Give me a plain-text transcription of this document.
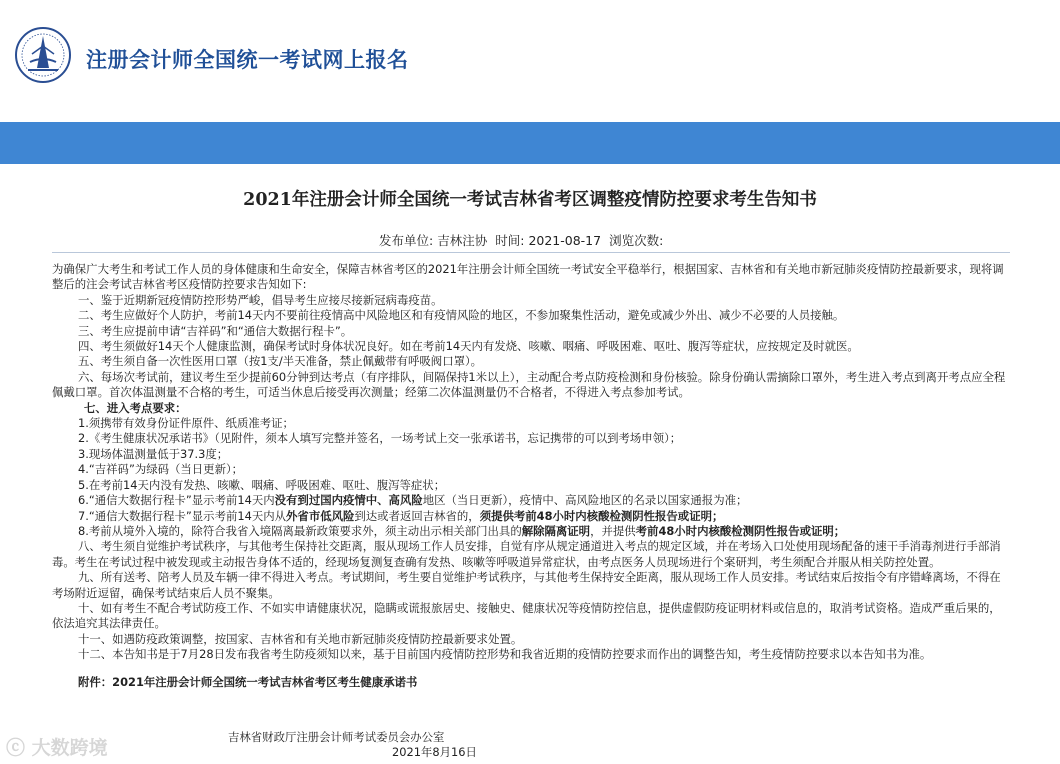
注册会计师全国统一考试网上报名
2021年注册会计师全国统一考试吉林省考区调整疫情防控要求考生告知书
发布单位: 吉林注协 时间: 2021-08-17 浏览次数:

为确保广大考生和考试工作人员的身体健康和生命安全，保障吉林省考区的2021年注册会计师全国统一考试安全平稳举行，根据国家、吉林省和有关地市新冠肺炎疫情防控最新要求，现将调整后的注会考试吉林省考区疫情防控要求告知如下:

一、鉴于近期新冠疫情防控形势严峻，倡导考生应接尽接新冠病毒疫苗。

二、考生应做好个人防护，考前14天内不要前往疫情高中风险地区和有疫情风险的地区，不参加聚集性活动，避免或减少外出、减少不必要的人员接触。

三、考生应提前申请“吉祥码”和“通信大数据行程卡”。

四、考生须做好14天个人健康监测，确保考试时身体状况良好。如在考前14天内有发烧、咳嗽、咽痛、呼吸困难、呕吐、腹泻等症状，应按规定及时就医。

五、考生须自备一次性医用口罩（按1支/半天准备，禁止佩戴带有呼吸阀口罩）。

六、每场次考试前，建议考生至少提前60分钟到达考点（有序排队，间隔保持1米以上），主动配合考点防疫检测和身份核验。除身份确认需摘除口罩外，考生进入考点到离开考点应全程佩戴口罩。首次体温测量不合格的考生，可适当休息后接受再次测量；经第二次体温测量仍不合格者，不得进入考点参加考试。

七、进入考点要求：

1.须携带有效身份证件原件、纸质准考证；

2.《考生健康状况承诺书》（见附件，须本人填写完整并签名，一场考试上交一张承诺书，忘记携带的可以到考场申领）；

3.现场体温测量低于37.3度；

4.“吉祥码”为绿码（当日更新）；

5.在考前14天内没有发热、咳嗽、咽痛、呼吸困难、呕吐、腹泻等症状；

6.“通信大数据行程卡”显示考前14天内没有到过国内疫情中、高风险地区（当日更新），疫情中、高风险地区的名录以国家通报为准；

7.“通信大数据行程卡”显示考前14天内从外省市低风险到达或者返回吉林省的，须提供考前48小时内核酸检测阴性报告或证明；

8.考前从境外入境的，除符合我省入境隔离最新政策要求外，须主动出示相关部门出具的解除隔离证明，并提供考前48小时内核酸检测阴性报告或证明；

八、考生须自觉维护考试秩序，与其他考生保持社交距离，服从现场工作人员安排，自觉有序从规定通道进入考点的规定区域，并在考场入口处使用现场配备的速干手消毒剂进行手部消毒。考生在考试过程中被发现或主动报告身体不适的，经现场复测复查确有发热、咳嗽等呼吸道异常症状，由考点医务人员现场进行个案研判，考生须配合并服从相关防控处置。

九、所有送考、陪考人员及车辆一律不得进入考点。考试期间，考生要自觉维护考试秩序，与其他考生保持安全距离，服从现场工作人员安排。考试结束后按指令有序错峰离场，不得在考场附近逗留，确保考试结束后人员不聚集。

十、如有考生不配合考试防疫工作、不如实申请健康状况，隐瞒或谎报旅居史、接触史、健康状况等疫情防控信息，提供虚假防疫证明材料或信息的，取消考试资格。造成严重后果的，依法追究其法律责任。

十一、如遇防疫政策调整，按国家、吉林省和有关地市新冠肺炎疫情防控最新要求处置。

十二、本告知书是于7月28日发布我省考生防疫须知以来，基于目前国内疫情防控形势和我省近期的疫情防控要求而作出的调整告知，考生疫情防控要求以本告知书为准。

附件：2021年注册会计师全国统一考试吉林省考区考生健康承诺书

吉林省财政厅注册会计师考试委员会办公室
2021年8月16日
ⓒ 大数跨境
